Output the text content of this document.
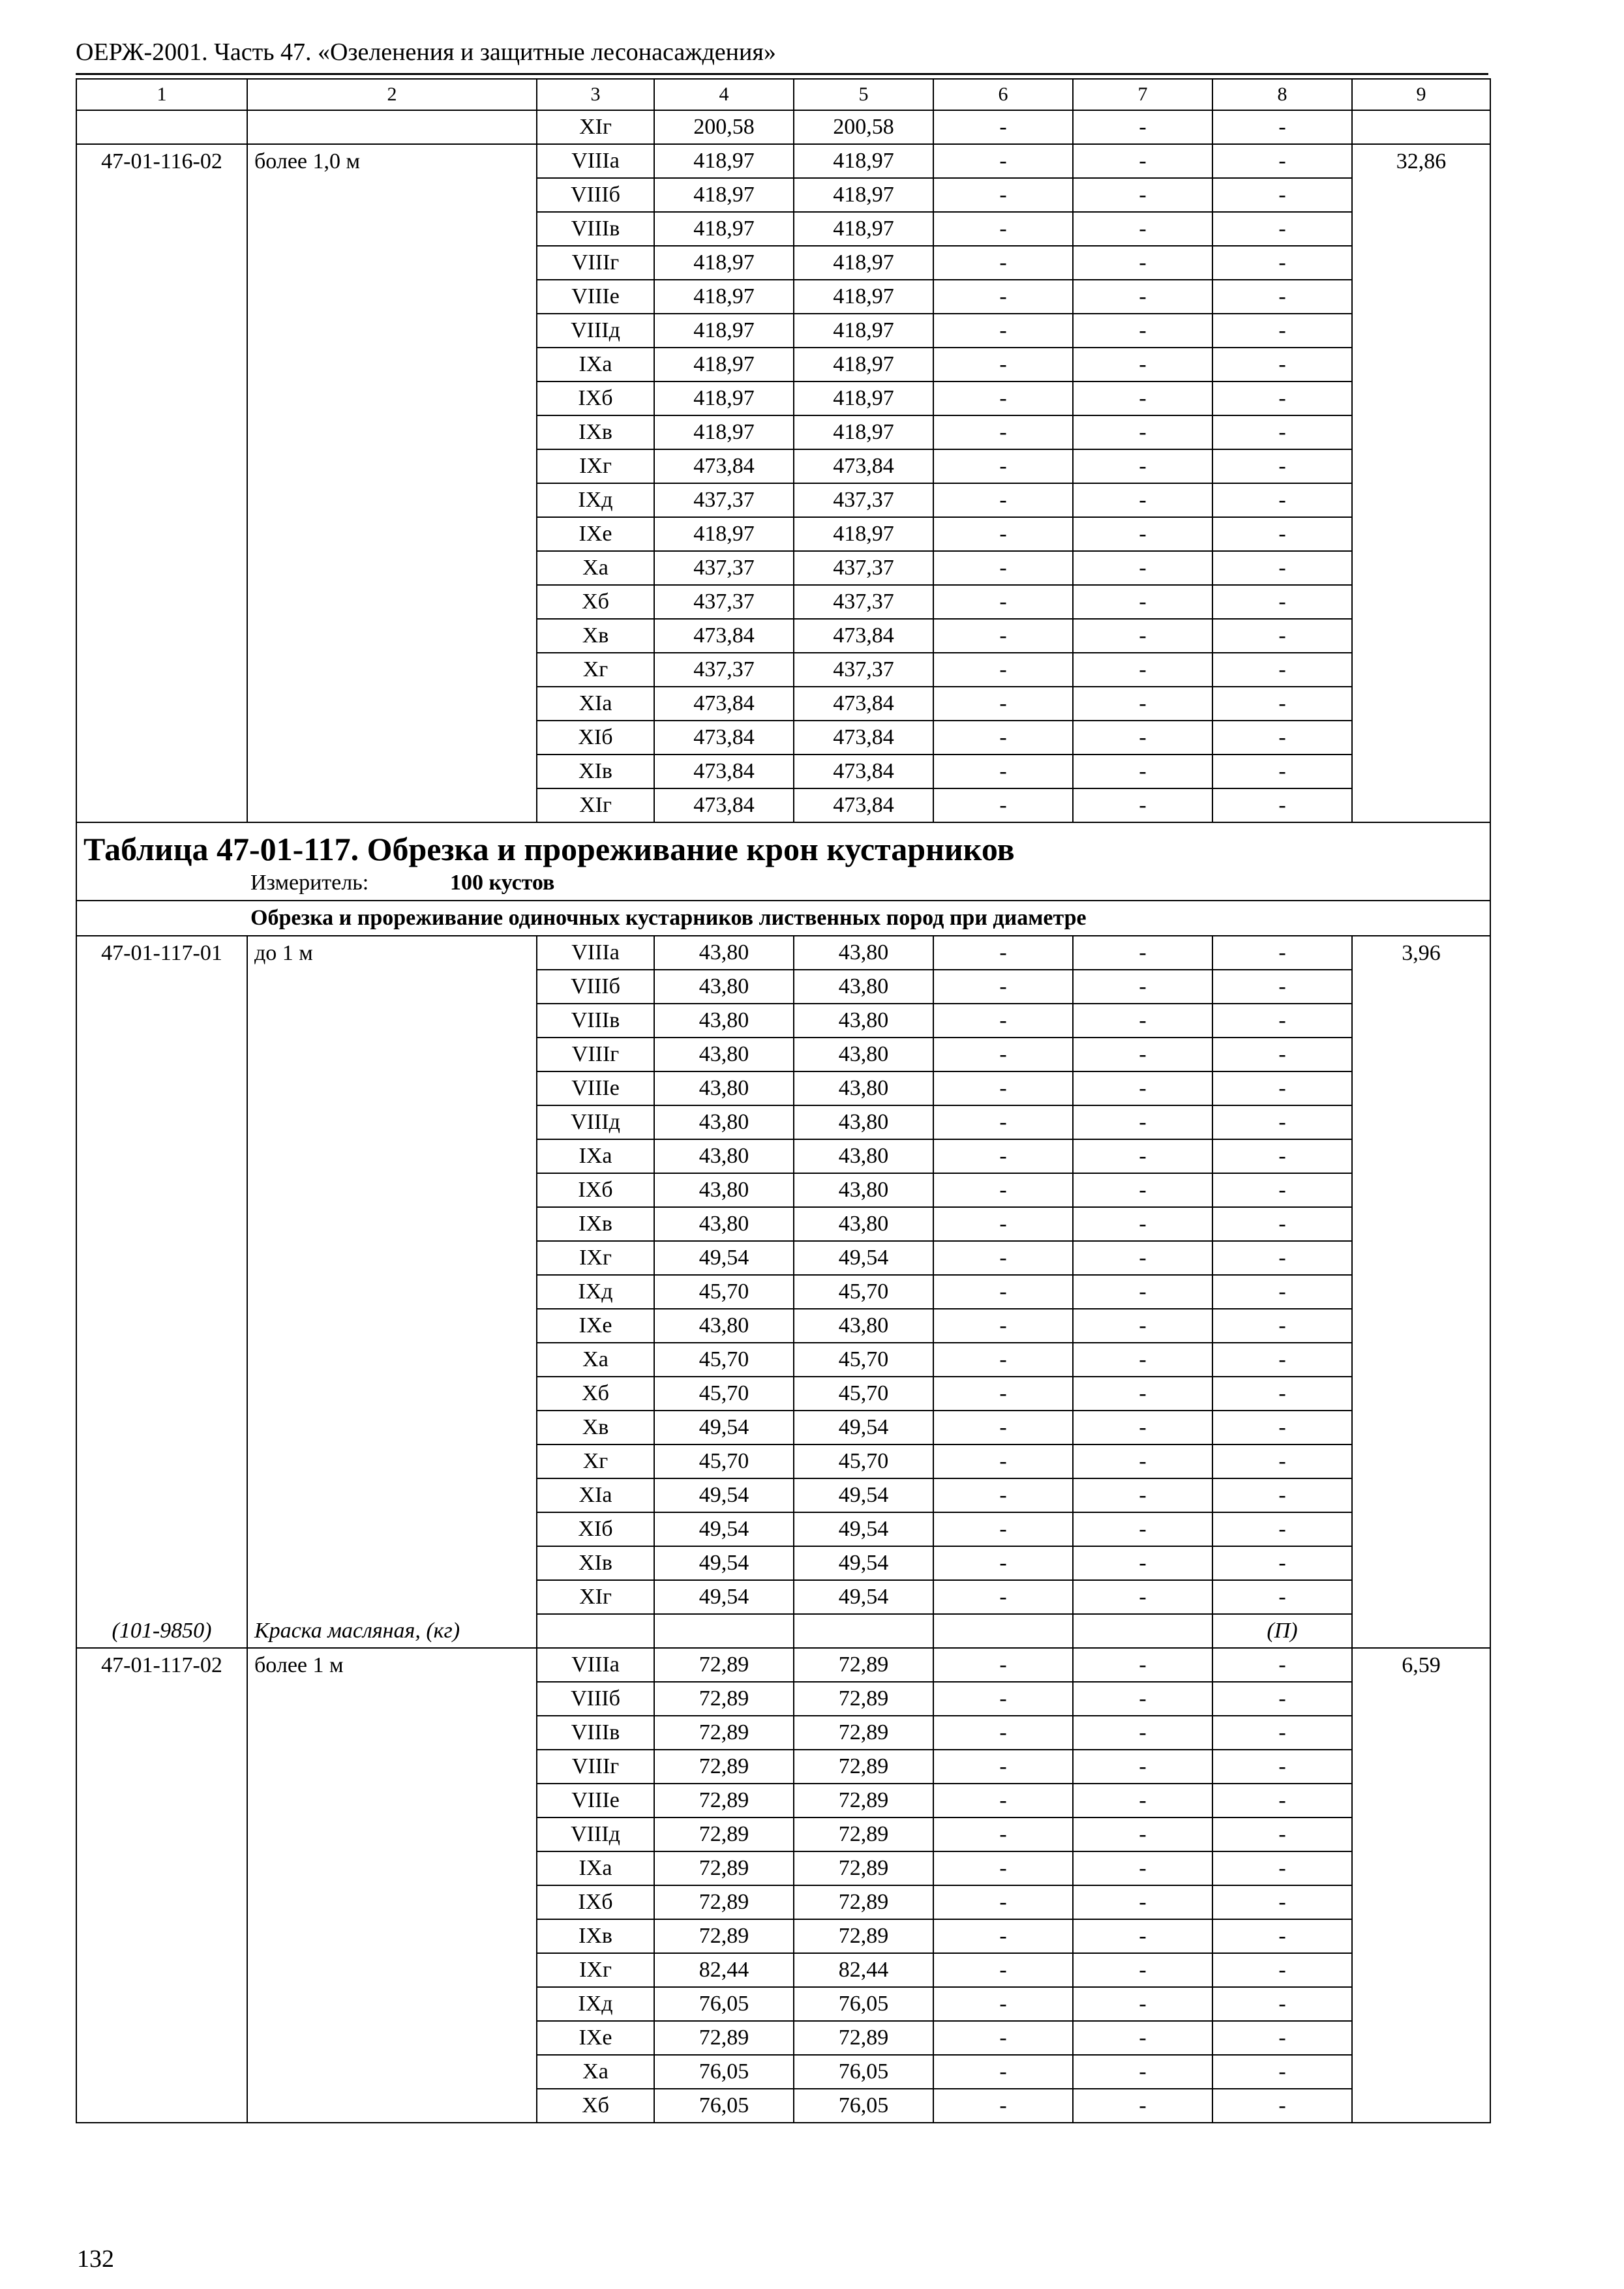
ОЕРЖ-2001. Часть 47. «Озеленения и защитные лесонасаждения»
1	2	3	4	5	6	7	8	9
		XIг	200,58	200,58	-	-	-	
47-01-116-02	более 1,0 м	VIIIа	418,97	418,97	-	-	-	32,86
		VIIIб	418,97	418,97	-	-	-	
		VIIIв	418,97	418,97	-	-	-	
		VIIIг	418,97	418,97	-	-	-	
		VIIIе	418,97	418,97	-	-	-	
		VIIIд	418,97	418,97	-	-	-	
		IXа	418,97	418,97	-	-	-	
		IXб	418,97	418,97	-	-	-	
		IXв	418,97	418,97	-	-	-	
		IXг	473,84	473,84	-	-	-	
		IXд	437,37	437,37	-	-	-	
		IXе	418,97	418,97	-	-	-	
		Xа	437,37	437,37	-	-	-	
		Xб	437,37	437,37	-	-	-	
		Xв	473,84	473,84	-	-	-	
		Xг	437,37	437,37	-	-	-	
		XIа	473,84	473,84	-	-	-	
		XIб	473,84	473,84	-	-	-	
		XIв	473,84	473,84	-	-	-	
		XIг	473,84	473,84	-	-	-	

Таблица 47-01-117. Обрезка и прореживание крон кустарников
Измеритель: 100 кустов								

Обрезка и прореживание одиночных кустарников лиственных пород при диаметре								
47-01-117-01	до 1 м	VIIIа	43,80	43,80	-	-	-	3,96
		VIIIб	43,80	43,80	-	-	-	
		VIIIв	43,80	43,80	-	-	-	
		VIIIг	43,80	43,80	-	-	-	
		VIIIе	43,80	43,80	-	-	-	
		VIIIд	43,80	43,80	-	-	-	
		IXа	43,80	43,80	-	-	-	
		IXб	43,80	43,80	-	-	-	
		IXв	43,80	43,80	-	-	-	
		IXг	49,54	49,54	-	-	-	
		IXд	45,70	45,70	-	-	-	
		IXе	43,80	43,80	-	-	-	
		Xа	45,70	45,70	-	-	-	
		Xб	45,70	45,70	-	-	-	
		Xв	49,54	49,54	-	-	-	
		Xг	45,70	45,70	-	-	-	
		XIа	49,54	49,54	-	-	-	
		XIб	49,54	49,54	-	-	-	
		XIв	49,54	49,54	-	-	-	
		XIг	49,54	49,54	-	-	-	
(101-9850)	Краска масляная, (кг)						(П)	
47-01-117-02	более 1 м	VIIIа	72,89	72,89	-	-	-	6,59
		VIIIб	72,89	72,89	-	-	-	
		VIIIв	72,89	72,89	-	-	-	
		VIIIг	72,89	72,89	-	-	-	
		VIIIе	72,89	72,89	-	-	-	
		VIIIд	72,89	72,89	-	-	-	
		IXа	72,89	72,89	-	-	-	
		IXб	72,89	72,89	-	-	-	
		IXв	72,89	72,89	-	-	-	
		IXг	82,44	82,44	-	-	-	
		IXд	76,05	76,05	-	-	-	
		IXе	72,89	72,89	-	-	-	
		Xа	76,05	76,05	-	-	-	
		Xб	76,05	76,05	-	-	-	
132
